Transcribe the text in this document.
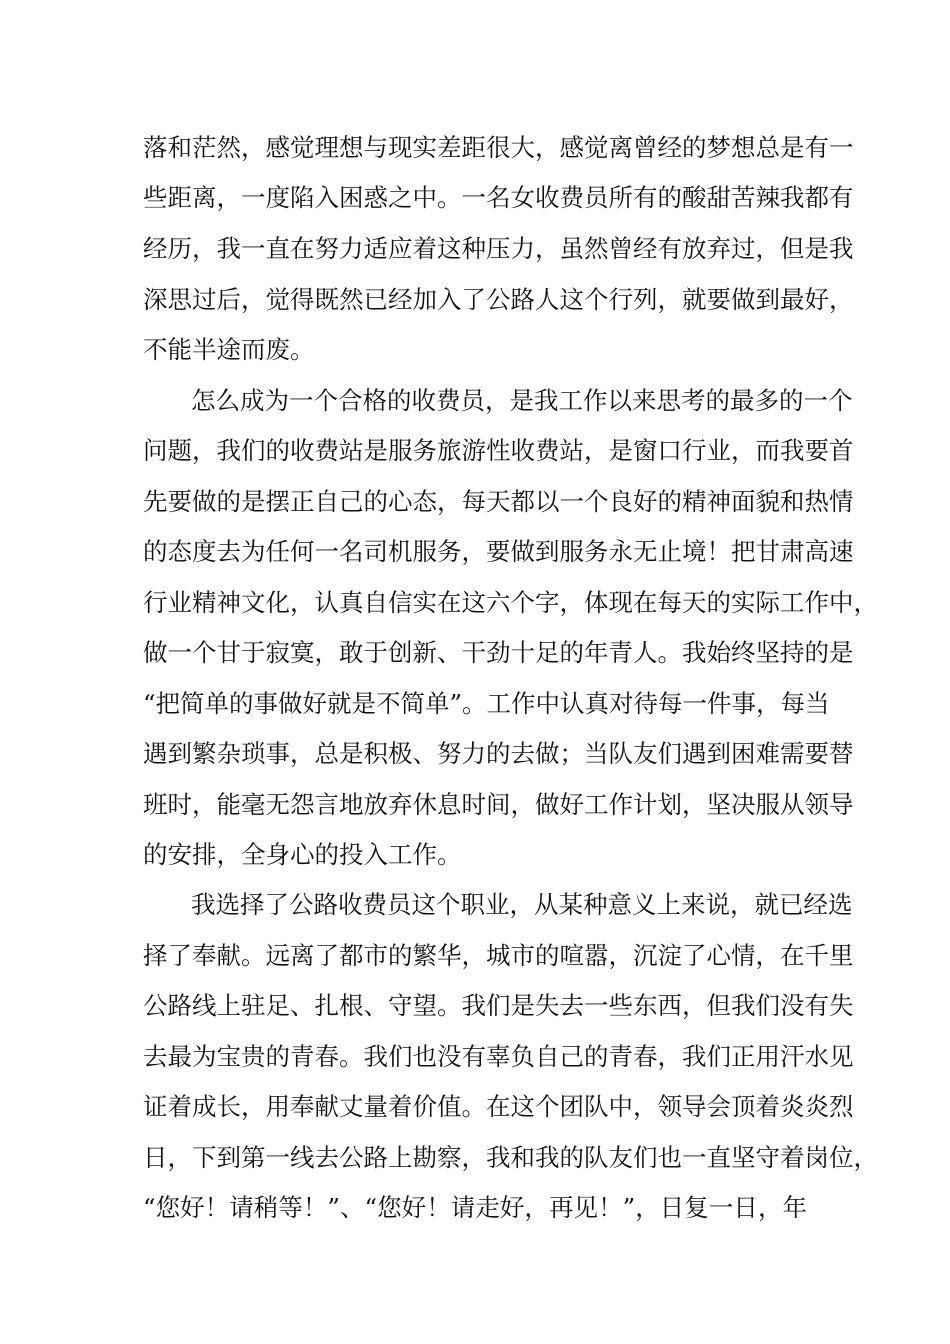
落和茫然，感觉理想与现实差距很大，感觉离曾经的梦想总是有一
些距离，一度陷入困惑之中。一名女收费员所有的酸甜苦辣我都有
经历，我一直在努力适应着这种压力，虽然曾经有放弃过，但是我
深思过后，觉得既然已经加入了公路人这个行列，就要做到最好，
不能半途而废。
怎么成为一个合格的收费员，是我工作以来思考的最多的一个
问题，我们的收费站是服务旅游性收费站，是窗口行业，而我要首
先要做的是摆正自己的心态，每天都以一个良好的精神面貌和热情
的态度去为任何一名司机服务，要做到服务永无止境！把甘肃高速
行业精神文化，认真自信实在这六个字，体现在每天的实际工作中，
做一个甘于寂寞，敢于创新、干劲十足的年青人。我始终坚持的是
“把简单的事做好就是不简单”。工作中认真对待每一件事，每当
遇到繁杂琐事，总是积极、努力的去做；当队友们遇到困难需要替
班时，能毫无怨言地放弃休息时间，做好工作计划，坚决服从领导
的安排，全身心的投入工作。
我选择了公路收费员这个职业，从某种意义上来说，就已经选
择了奉献。远离了都市的繁华，城市的喧嚣，沉淀了心情，在千里
公路线上驻足、扎根、守望。我们是失去一些东西，但我们没有失
去最为宝贵的青春。我们也没有辜负自己的青春，我们正用汗水见
证着成长，用奉献丈量着价值。在这个团队中，领导会顶着炎炎烈
日，下到第一线去公路上勘察，我和我的队友们也一直坚守着岗位，
“您好！请稍等！”、“您好！请走好，再见！”，日复一日，年
